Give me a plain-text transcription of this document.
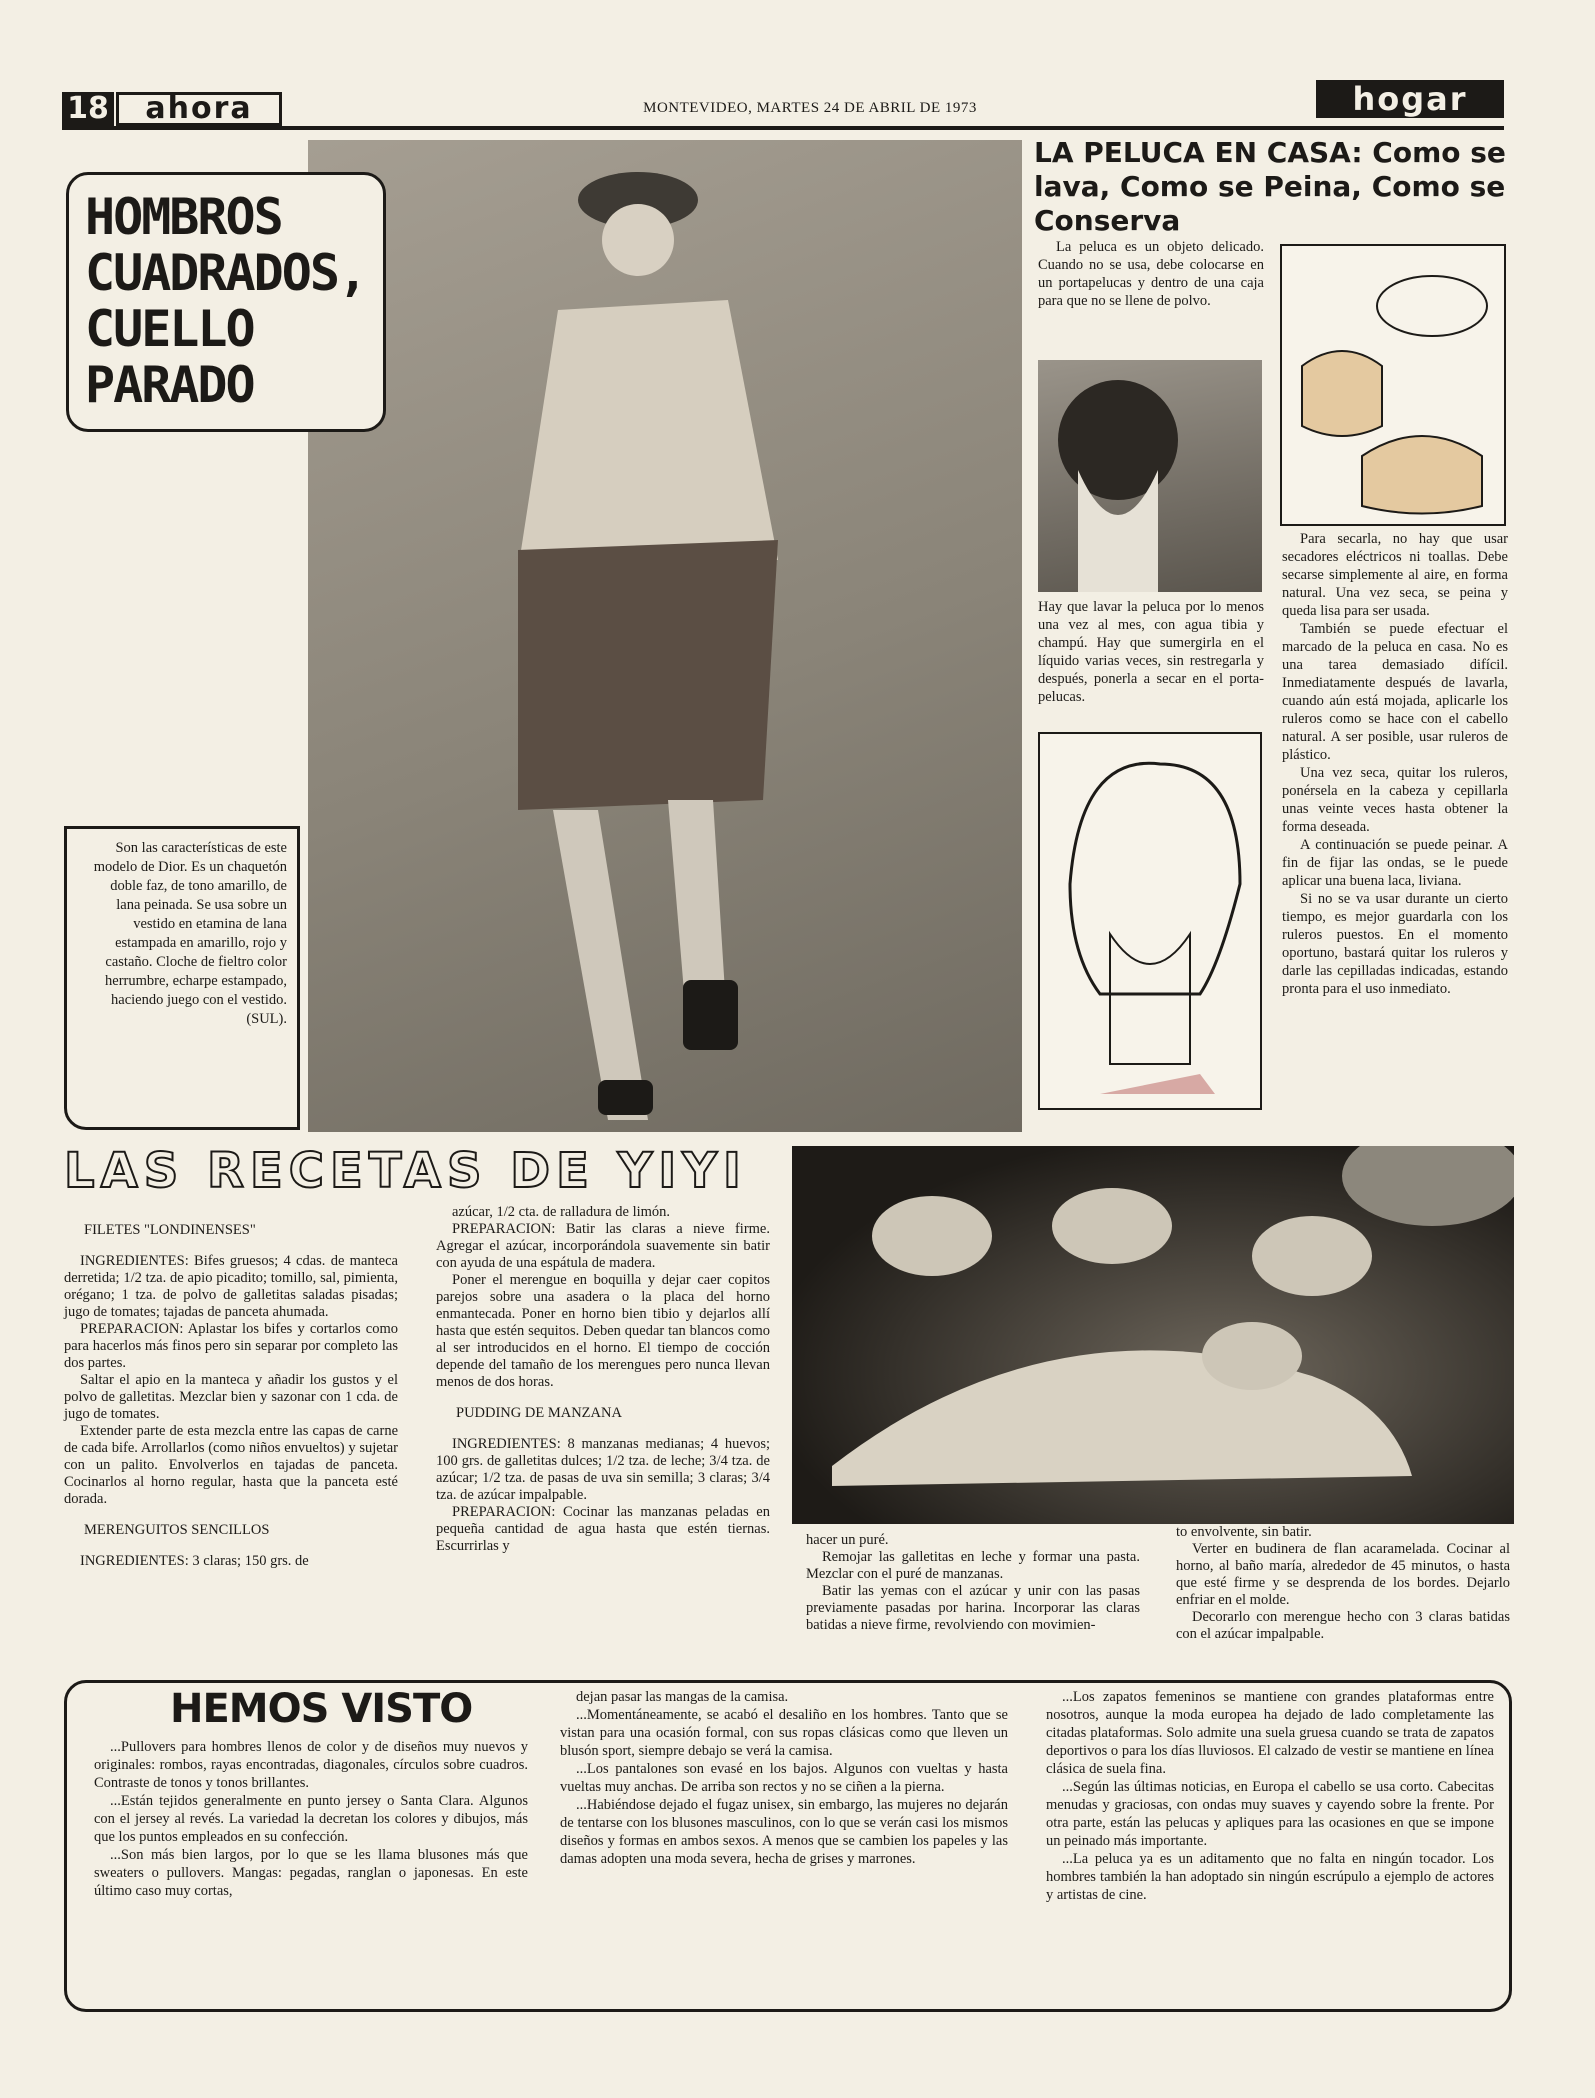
18	ahora	MONTEVIDEO, MARTES 24 DE ABRIL DE 1973	hogar
HOMBROS CUADRADOS, CUELLO PARADO
Son las características de este modelo de Dior. Es un chaquetón doble faz, de tono amarillo, de lana peinada. Se usa sobre un vestido en etamina de lana estampada en amarillo, rojo y castaño. Cloche de fieltro color herrumbre, echarpe estampado, haciendo juego con el vestido. (SUL).
LA PELUCA EN CASA: Como se lava, Como se Peina, Como se Conserva

La peluca es un objeto delicado. Cuando no se usa, debe colocarse en un portapelucas y dentro de una caja para que no se llene de polvo.

Hay que lavar la peluca por lo menos una vez al mes, con agua tibia y champú. Hay que sumergirla en el líquido varias veces, sin restregarla y después, ponerla a secar en el porta-pelucas.

Para secarla, no hay que usar secadores eléctricos ni toallas. Debe secarse simplemente al aire, en forma natural. Una vez seca, se peina y queda lisa para ser usada.

También se puede efectuar el marcado de la peluca en casa. No es una tarea demasiado difícil. Inmediatamente después de lavarla, cuando aún está mojada, aplicarle los ruleros como se hace con el cabello natural. A ser posible, usar ruleros de plástico.

Una vez seca, quitar los ruleros, ponérsela en la cabeza y cepillarla unas veinte veces hasta obtener la forma deseada.

A continuación se puede peinar. A fin de fijar las ondas, se le puede aplicar una buena laca, liviana.

Si no se va usar durante un cierto tiempo, es mejor guardarla con los ruleros puestos. En el momento oportuno, bastará quitar los ruleros y darle las cepilladas indicadas, estando pronta para el uso inmediato.

LAS RECETAS DE YIYI

FILETES "LONDINENSES"

INGREDIENTES: Bifes gruesos; 4 cdas. de manteca derretida; 1/2 tza. de apio picadito; tomillo, sal, pimienta, orégano; 1 tza. de polvo de galletitas saladas pisadas; jugo de tomates; tajadas de panceta ahumada.

PREPARACION: Aplastar los bifes y cortarlos como para hacerlos más finos pero sin separar por completo las dos partes.

Saltar el apio en la manteca y añadir los gustos y el polvo de galletitas. Mezclar bien y sazonar con 1 cda. de jugo de tomates.

Extender parte de esta mezcla entre las capas de carne de cada bife. Arrollarlos (como niños envueltos) y sujetar con un palito. Envolverlos en tajadas de panceta. Cocinarlos al horno regular, hasta que la panceta esté dorada.

MERENGUITOS SENCILLOS

INGREDIENTES: 3 claras; 150 grs. de

azúcar, 1/2 cta. de ralladura de limón.

PREPARACION: Batir las claras a nieve firme. Agregar el azúcar, incorporándola suavemente sin batir con ayuda de una espátula de madera.

Poner el merengue en boquilla y dejar caer copitos parejos sobre una asadera o la placa del horno enmantecada. Poner en horno bien tibio y dejarlos allí hasta que estén sequitos. Deben quedar tan blancos como al ser introducidos en el horno. El tiempo de cocción depende del tamaño de los merengues pero nunca llevan menos de dos horas.

PUDDING DE MANZANA

INGREDIENTES: 8 manzanas medianas; 4 huevos; 100 grs. de galletitas dulces; 1/2 tza. de leche; 3/4 tza. de azúcar; 1/2 tza. de pasas de uva sin semilla; 3 claras; 3/4 tza. de azúcar impalpable.

PREPARACION: Cocinar las manzanas peladas en pequeña cantidad de agua hasta que estén tiernas. Escurrirlas y	hacer un puré.

Remojar las galletitas en leche y formar una pasta. Mezclar con el puré de manzanas.

Batir las yemas con el azúcar y unir con las pasas previamente pasadas por harina. Incorporar las claras batidas a nieve firme, revolviendo con movimien-

to envolvente, sin batir.

Verter en budinera de flan acaramelada. Cocinar al horno, al baño maría, alrededor de 45 minutos, o hasta que esté firme y se desprenda de los bordes. Dejarlo enfriar en el molde.

Decorarlo con merengue hecho con 3 claras batidas con el azúcar impalpable.

HEMOS VISTO

...Pullovers para hombres llenos de color y de diseños muy nuevos y originales: rombos, rayas encontradas, diagonales, círculos sobre cuadros. Contraste de tonos y tonos brillantes.

...Están tejidos generalmente en punto jersey o Santa Clara. Algunos con el jersey al revés. La variedad la decretan los colores y dibujos, más que los puntos empleados en su confección.

...Son más bien largos, por lo que se les llama blusones más que sweaters o pullovers. Mangas: pegadas, ranglan o japonesas. En este último caso muy cortas,

dejan pasar las mangas de la camisa.

...Momentáneamente, se acabó el desaliño en los hombres. Tanto que se vistan para una ocasión formal, con sus ropas clásicas como que lleven un blusón sport, siempre debajo se verá la camisa.

...Los pantalones son evasé en los bajos. Algunos con vueltas y hasta vueltas muy anchas. De arriba son rectos y no se ciñen a la pierna.

...Habiéndose dejado el fugaz unisex, sin embargo, las mujeres no dejarán de tentarse con los blusones masculinos, con lo que se verán casi los mismos diseños y formas en ambos sexos. A menos que se cambien los papeles y las damas adopten una moda severa, hecha de grises y marrones.

...Los zapatos femeninos se mantiene con grandes plataformas entre nosotros, aunque la moda europea ha dejado de lado completamente las citadas plataformas. Solo admite una suela gruesa cuando se trata de zapatos deportivos o para los días lluviosos. El calzado de vestir se mantiene en línea clásica de suela fina.

...Según las últimas noticias, en Europa el cabello se usa corto. Cabecitas menudas y graciosas, con ondas muy suaves y cayendo sobre la frente. Por otra parte, están las pelucas y apliques para las ocasiones en que se impone un peinado más importante.

...La peluca ya es un aditamento que no falta en ningún tocador. Los hombres también la han adoptado sin ningún escrúpulo a ejemplo de actores y artistas de cine.
